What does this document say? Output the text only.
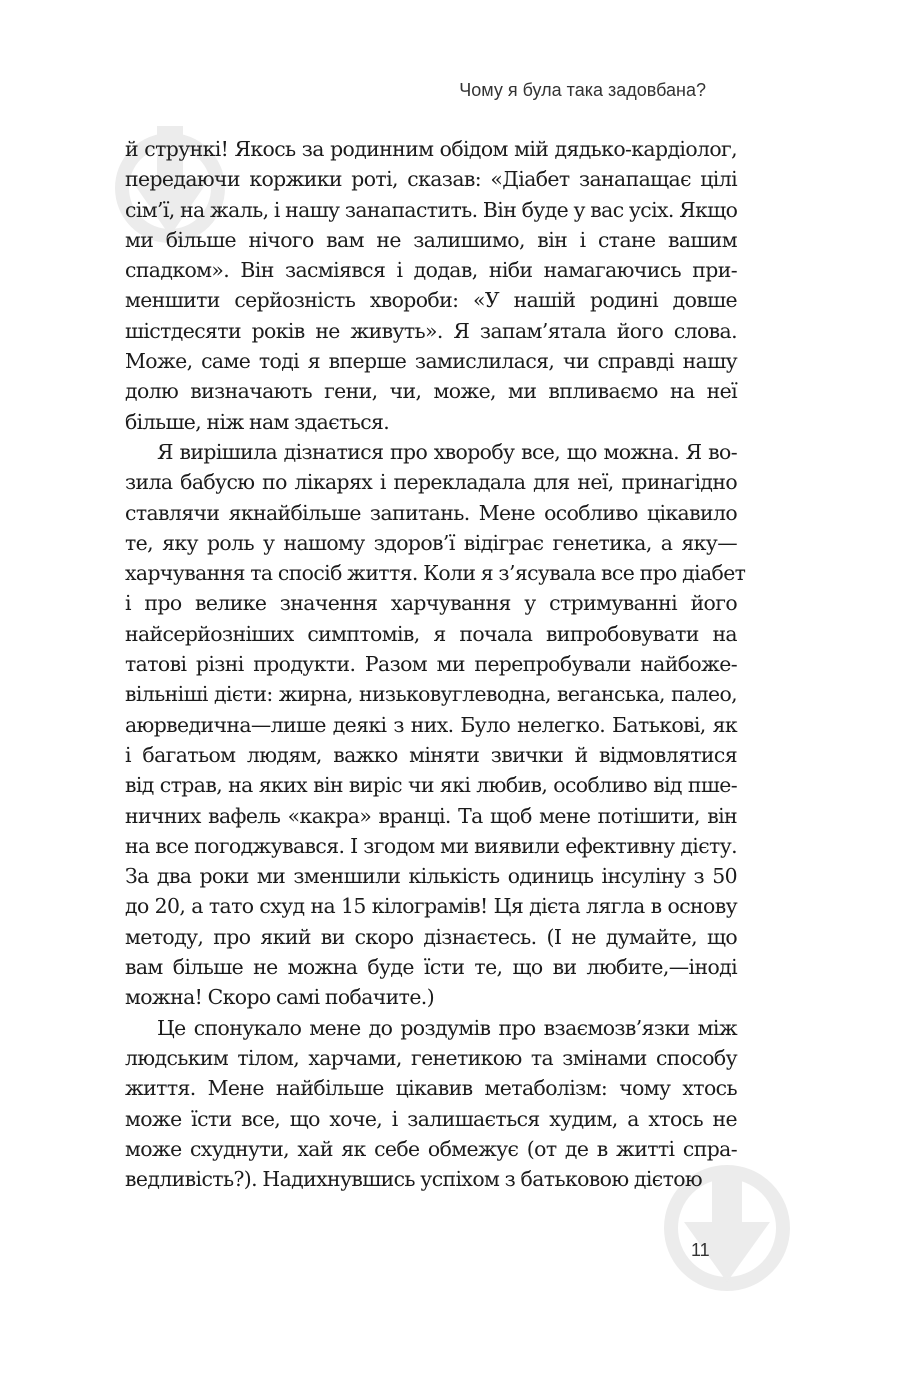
Чому я була така задовбана?
й стрункі! Якось за родинним обідом мій дядько-кардіолог,
передаючи коржики роті, сказав: «Діабет занапащає цілі
сім’ї, на жаль, і нашу занапастить. Він буде у вас усіх. Якщо
ми більше нічого вам не залишимо, він і стане вашим
спадком». Він засміявся і додав, ніби намагаючись при-
меншити серйозність хвороби: «У нашій родині довше
шістдесяти років не живуть». Я запам’ятала його слова.
Може, саме тоді я вперше замислилася, чи справді нашу
долю визначають гени, чи, може, ми впливаємо на неї
більше, ніж нам здається.
Я вирішила дізнатися про хворобу все, що можна. Я во-
зила бабусю по лікарях і перекладала для неї, принагідно
ставлячи якнайбільше запитань. Мене особливо цікавило
те, яку роль у нашому здоров’ї відіграє генетика, а яку—
харчування та спосіб життя. Коли я з’ясувала все про діабет
і про велике значення харчування у стримуванні його
найсерйозніших симптомів, я почала випробовувати на
татові різні продукти. Разом ми перепробували найбоже-
вільніші дієти: жирна, низьковуглеводна, веганська, палео,
аюрведична—лише деякі з них. Було нелегко. Батькові, як
і багатьом людям, важко міняти звички й відмовлятися
від страв, на яких він виріс чи які любив, особливо від пше-
ничних вафель «какра» вранці. Та щоб мене потішити, він
на все погоджувався. І згодом ми виявили ефективну дієту.
За два роки ми зменшили кількість одиниць інсуліну з 50
до 20, а тато схуд на 15 кілограмів! Ця дієта лягла в основу
методу, про який ви скоро дізнаєтесь. (І не думайте, що
вам більше не можна буде їсти те, що ви любите,—іноді
можна! Скоро самі побачите.)
Це спонукало мене до роздумів про взаємозв’язки між
людським тілом, харчами, генетикою та змінами способу
життя. Мене найбільше цікавив метаболізм: чому хтось
може їсти все, що хоче, і залишається худим, а хтось не
може схуднути, хай як себе обмежує (от де в житті спра-
ведливість?). Надихнувшись успіхом з батьковою дієтою
11
